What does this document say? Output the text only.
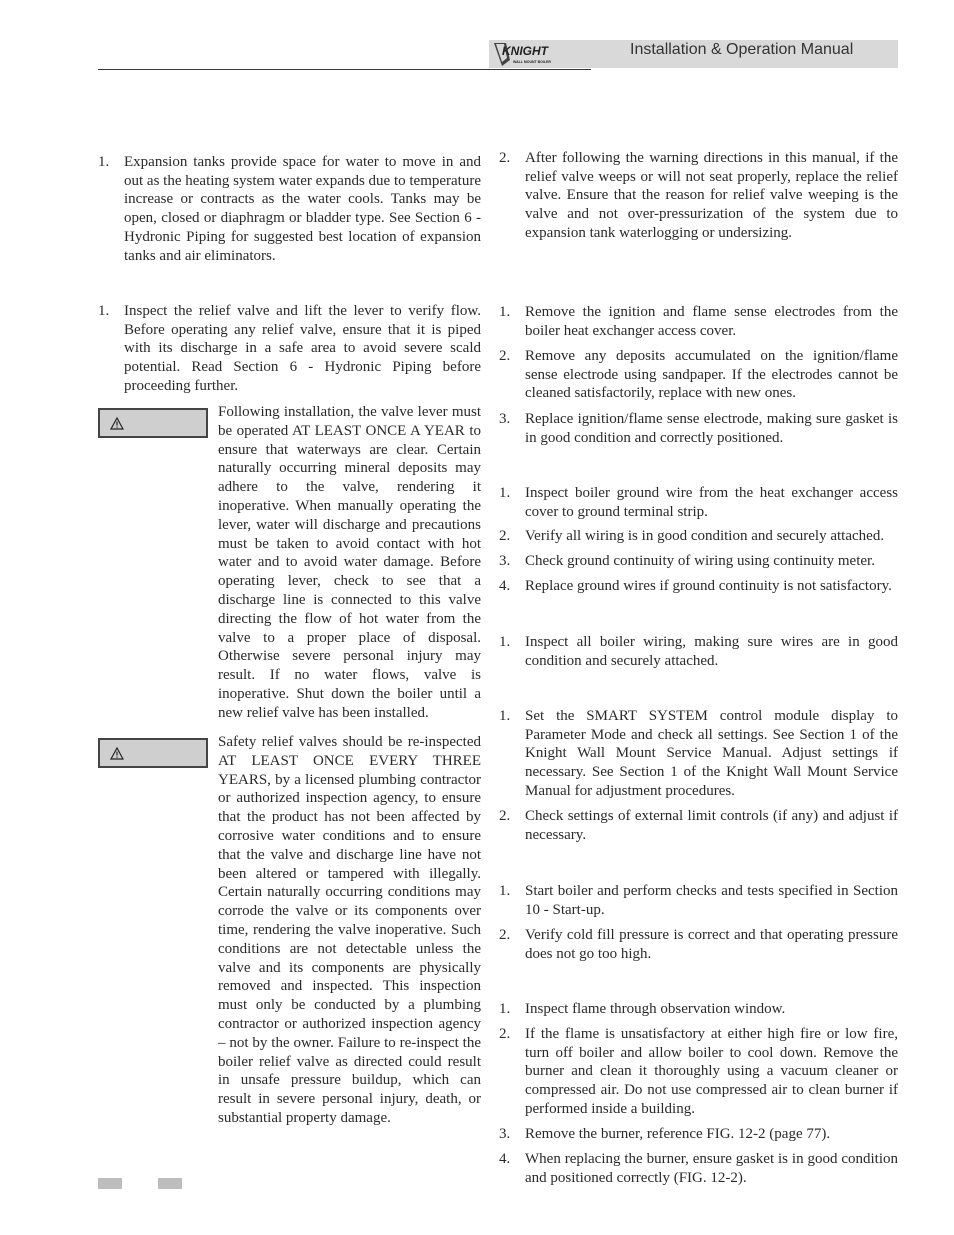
KNIGHT
WALL MOUNT BOILER
Installation & Operation Manual
1. Expansion tanks provide space for water to move in and out as the heating system water expands due to temperature increase or contracts as the water cools. Tanks may be open, closed or diaphragm or bladder type. See Section 6 - Hydronic Piping for suggested best location of expansion tanks and air eliminators.
1. Inspect the relief valve and lift the lever to verify flow. Before operating any relief valve, ensure that it is piped with its discharge in a safe area to avoid severe scald potential. Read Section 6 - Hydronic Piping before proceeding further.
Following installation, the valve lever must be operated AT LEAST ONCE A YEAR to ensure that waterways are clear. Certain naturally occurring mineral deposits may adhere to the valve, rendering it inoperative. When manually operating the lever, water will discharge and precautions must be taken to avoid contact with hot water and to avoid water damage. Before operating lever, check to see that a discharge line is connected to this valve directing the flow of hot water from the valve to a proper place of disposal. Otherwise severe personal injury may result. If no water flows, valve is inoperative. Shut down the boiler until a new relief valve has been installed.
Safety relief valves should be re-inspected AT LEAST ONCE EVERY THREE YEARS, by a licensed plumbing contractor or authorized inspection agency, to ensure that the product has not been affected by corrosive water conditions and to ensure that the valve and discharge line have not been altered or tampered with illegally. Certain naturally occurring conditions may corrode the valve or its components over time, rendering the valve inoperative. Such conditions are not detectable unless the valve and its components are physically removed and inspected. This inspection must only be conducted by a plumbing contractor or authorized inspection agency – not by the owner. Failure to re-inspect the boiler relief valve as directed could result in unsafe pressure buildup, which can result in severe personal injury, death, or substantial property damage.
2. After following the warning directions in this manual, if the relief valve weeps or will not seat properly, replace the relief valve. Ensure that the reason for relief valve weeping is the valve and not over-pressurization of the system due to expansion tank waterlogging or undersizing.
1. Remove the ignition and flame sense electrodes from the boiler heat exchanger access cover.
2. Remove any deposits accumulated on the ignition/flame sense electrode using sandpaper. If the electrodes cannot be cleaned satisfactorily, replace with new ones.
3. Replace ignition/flame sense electrode, making sure gasket is in good condition and correctly positioned.
1. Inspect boiler ground wire from the heat exchanger access cover to ground terminal strip.
2. Verify all wiring is in good condition and securely attached.
3. Check ground continuity of wiring using continuity meter.
4. Replace ground wires if ground continuity is not satisfactory.
1. Inspect all boiler wiring, making sure wires are in good condition and securely attached.
1. Set the SMART SYSTEM control module display to Parameter Mode and check all settings. See Section 1 of the Knight Wall Mount Service Manual. Adjust settings if necessary. See Section 1 of the Knight Wall Mount Service Manual for adjustment procedures.
2. Check settings of external limit controls (if any) and adjust if necessary.
1. Start boiler and perform checks and tests specified in Section 10 - Start-up.
2. Verify cold fill pressure is correct and that operating pressure does not go too high.
1. Inspect flame through observation window.
2. If the flame is unsatisfactory at either high fire or low fire, turn off boiler and allow boiler to cool down. Remove the burner and clean it thoroughly using a vacuum cleaner or compressed air. Do not use compressed air to clean burner if performed inside a building.
3. Remove the burner, reference FIG. 12-2 (page 77).
4. When replacing the burner, ensure gasket is in good condition and positioned correctly (FIG. 12-2).
